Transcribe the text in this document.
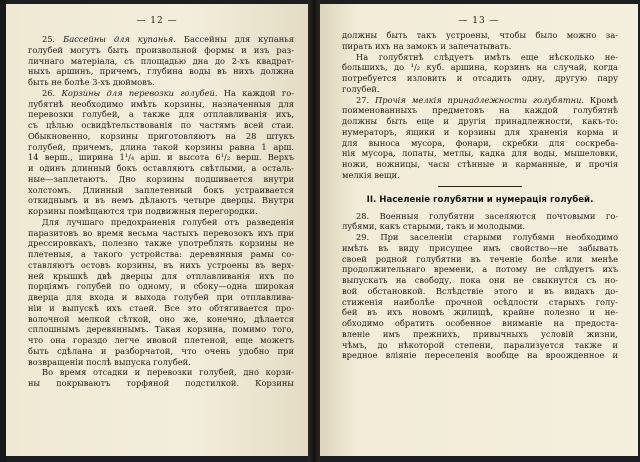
— 12 —
25. Бассейны для купанья. Бассейны для купанья
голубей могутъ быть произвольной формы и изъ раз-
личнаго матеріала, съ площадью дна до 2-хъ квадрат-
ныхъ аршинъ, причемъ, глубина воды въ нихъ должна
быть не болѣе 3-хъ дюймовъ.
26. Корзины для перевозки голубей. На каждой го-
лубятнѣ необходимо имѣть корзины, назначенныя для
перевозки голубей, а также для отплавливанія ихъ,
съ цѣлью освидѣтельствованія по частямъ всей стаи.
Обыкновенно, корзины приготовляютъ на 28 штукъ
голубей, причемъ, длина такой корзины равна 1 арш.
14 верш., ширина 1¹/₄ арш. и высота 6¹/₂ верш. Верхъ
и одинъ длинный бокъ оставляютъ свѣтлыми, а осталь-
ные—заплетаютъ. Дно корзины подшивается внутри
холстомъ. Длинный заплетенный бокъ устраивается
откиднымъ и въ немъ дѣлаютъ четыре дверцы. Внутри
корзины помѣщаются три подвижныя перегородки.
Для лучшаго предохраненія голубей отъ разведенія
паразитовъ во время весьма частыхъ перевозокъ ихъ при
дрессировкахъ, полезно также употреблять корзины не
плетеныя, а такого устройства: деревянныя рамы со-
ставляютъ остовъ корзины, въ нихъ устроены въ верх-
ней крышкѣ двѣ дверцы для отплавливанія ихъ по
порціямъ голубей по одному, и сбоку—одна широкая
дверца для входа и выхода голубей при отплавлива-
ніи и выпускѣ ихъ стаей. Все это обтягивается про-
волочной мелкой сѣткой, оно же, конечно, дѣлается
сплошнымъ деревяннымъ. Такая корзина, помимо того,
что она гораздо легче ивовой плетеной, еще можетъ
быть сдѣлана и разборчатой, что очень удобно при
возвращеніи послѣ выпуска голубей.
Во время отсадки и перевозки голубей, дно корзи-
ны покрываютъ торфяной подстилкой. Корзины
— 13 —
должны быть такъ устроены, чтобы было можно за-
пирать ихъ на замокъ и запечатывать.
На голубятнѣ слѣдуетъ имѣть еще нѣсколько не-
большихъ, до ¹/₂ куб. аршина, корзинъ на случай, когда
потребуется изловить и отсадить одну, другую пару
голубей.
27. Прочія мелкія принадлежности голубятни. Кромѣ
поименованныхъ предметовъ на каждой голубятнѣ
должны быть еще и другія принадлежности, какъ-то:
нумераторъ, ящики и корзины для храненія корма и
для выноса мусора, фонари, скребки для соскреба-
нія мусора, лопаты, метлы, кадка для воды, мышеловки,
ножи, ножницы, часы стѣнные и карманные, и прочія
мелкія вещи.
II. Населеніе голубятни и нумерація голубей.
28. Военныя голубятни заселяются почтовыми го-
лубями, какъ старыми, такъ и молодыми.
29. При заселеніи старыми голубями необходимо
имѣть въ виду присущее имъ свойство—не забывать
своей родной голубятни въ теченіе болѣе или менѣе
продолжительнаго времени, а потому не слѣдуетъ ихъ
выпускать на свободу, пока они не свыкнутся съ но-
вой обстановкой. Вслѣдствіе этого и въ видахъ до-
стиженія наиболѣе прочной осѣдлости старыхъ голу-
бей въ ихъ новомъ жилищѣ, крайне полезно и не-
обходимо обратить особенное вниманіе на предоста-
вленіе имъ прежнихъ, привычныхъ условій жизни,
чѣмъ, до нѣкоторой степени, парализуется также и
вредное вліяніе переселенія вообще на вроожденное и
